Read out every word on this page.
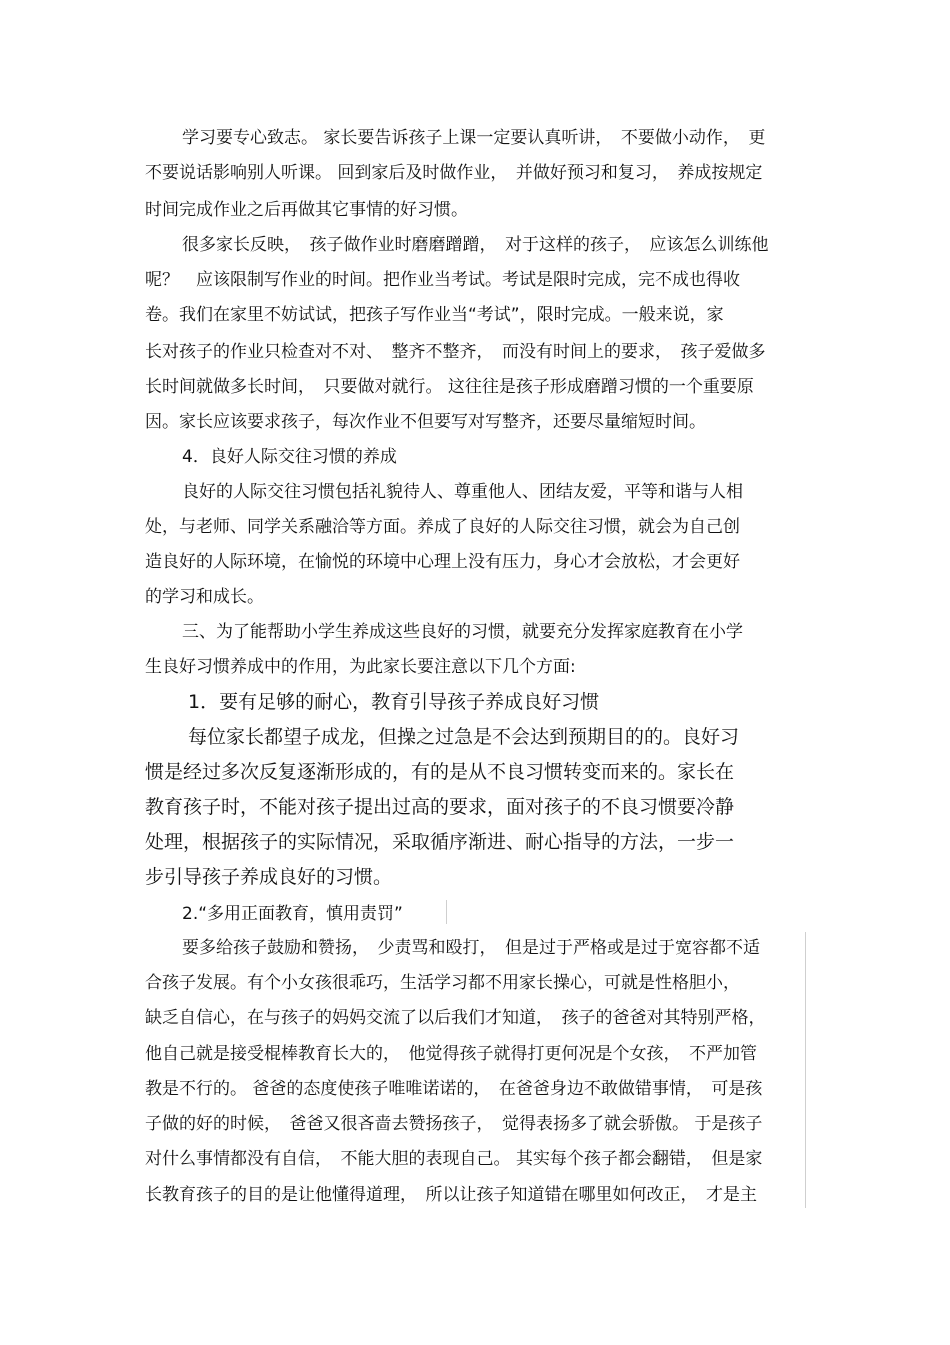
学习要专心致志。 家长要告诉孩子上课一定要认真听讲，　不要做小动作，　更

不要说话影响别人听课。 回到家后及时做作业，　并做好预习和复习，　养成按规定

时间完成作业之后再做其它事情的好习惯。

很多家长反映，　孩子做作业时磨磨蹭蹭，　对于这样的孩子，　应该怎么训练他

呢？　应该限制写作业的时间。把作业当考试。考试是限时完成，完不成也得收

卷。我们在家里不妨试试，把孩子写作业当“考试”，限时完成。一般来说，家

长对孩子的作业只检查对不对、　整齐不整齐，　而没有时间上的要求，　孩子爱做多

长时间就做多长时间，　只要做对就行。 这往往是孩子形成磨蹭习惯的一个重要原

因。家长应该要求孩子，每次作业不但要写对写整齐，还要尽量缩短时间。

4．良好人际交往习惯的养成

良好的人际交往习惯包括礼貌待人、尊重他人、团结友爱，平等和谐与人相

处，与老师、同学关系融洽等方面。养成了良好的人际交往习惯，就会为自己创

造良好的人际环境，在愉悦的环境中心理上没有压力，身心才会放松，才会更好

的学习和成长。

三、为了能帮助小学生养成这些良好的习惯，就要充分发挥家庭教育在小学

生良好习惯养成中的作用，为此家长要注意以下几个方面:

1．要有足够的耐心，教育引导孩子养成良好习惯

每位家长都望子成龙，但操之过急是不会达到预期目的的。良好习

惯是经过多次反复逐渐形成的，有的是从不良习惯转变而来的。家长在

教育孩子时，不能对孩子提出过高的要求，面对孩子的不良习惯要冷静

处理，根据孩子的实际情况，采取循序渐进、耐心指导的方法，一步一

步引导孩子养成良好的习惯。

2.“多用正面教育，慎用责罚”

要多给孩子鼓励和赞扬，　少责骂和殴打，　但是过于严格或是过于宽容都不适

合孩子发展。有个小女孩很乖巧，生活学习都不用家长操心，可就是性格胆小，

缺乏自信心，在与孩子的妈妈交流了以后我们才知道，　孩子的爸爸对其特别严格，

他自己就是接受棍棒教育长大的，　他觉得孩子就得打更何况是个女孩，　不严加管

教是不行的。 爸爸的态度使孩子唯唯诺诺的，　在爸爸身边不敢做错事情，　可是孩

子做的好的时候，　爸爸又很吝啬去赞扬孩子，　觉得表扬多了就会骄傲。 于是孩子

对什么事情都没有自信，　不能大胆的表现自己。 其实每个孩子都会翻错，　但是家

长教育孩子的目的是让他懂得道理，　所以让孩子知道错在哪里如何改正，　才是主
